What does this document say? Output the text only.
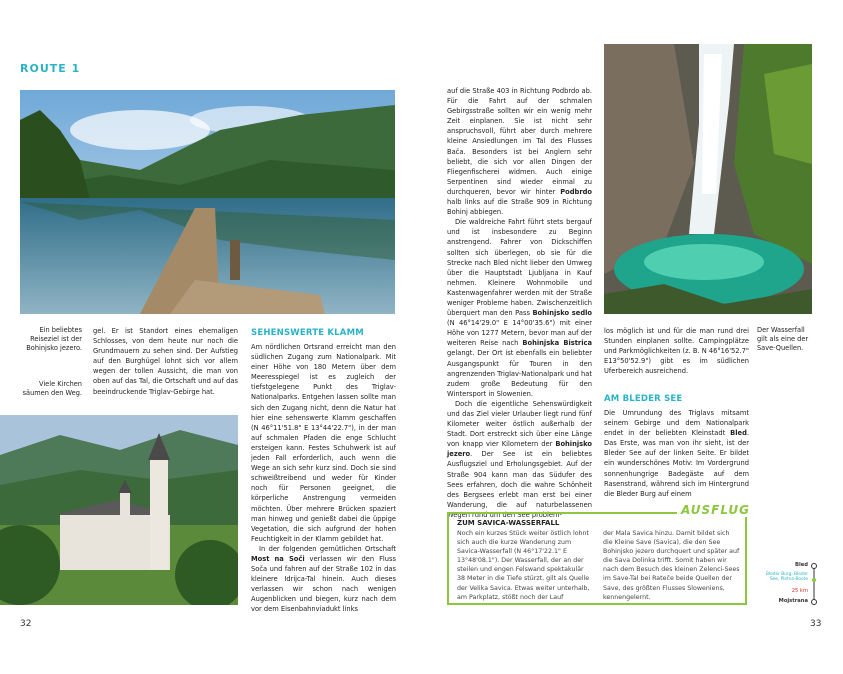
ROUTE 1
Ein beliebtes Reiseziel ist der Bohinjsko jezero.
Viele Kirchen säumen den Weg.
gel. Er ist Standort eines ehemaligen Schlosses, von dem heute nur noch die Grundmauern zu sehen sind. Der Aufstieg auf den Burghügel lohnt sich vor allem wegen der tollen Aussicht, die man von oben auf das Tal, die Ortschaft und auf das beeindruckende Triglav-Gebirge hat.
SEHENSWERTE KLAMM

Am nördlichen Ortsrand erreicht man den südlichen Zugang zum Nationalpark. Mit einer Höhe von 180 Metern über dem Meeresspiegel ist es zugleich der tiefstgelegene Punkt des Triglav-Nationalparks. Entgehen lassen sollte man sich den Zugang nicht, denn die Natur hat hier eine sehenswerte Klamm geschaffen (N 46°11'51.8" E 13°44'22.7"), in der man auf schmalen Pfaden die enge Schlucht ersteigen kann. Festes Schuhwerk ist auf jeden Fall erforderlich, auch wenn die Wege an sich sehr kurz sind. Doch sie sind schweißtreibend und weder für Kinder noch für Personen geeignet, die körperliche Anstrengung vermeiden möchten. Über mehrere Brücken spaziert man hinweg und genießt dabei die üppige Vegetation, die sich aufgrund der hohen Feuchtigkeit in der Klamm gebildet hat.

In der folgenden gemütlichen Ortschaft Most na Soči verlassen wir den Fluss Soča und fahren auf der Straße 102 in das kleinere Idrijca-Tal hinein. Auch dieses verlassen wir schon nach wenigen Augenblicken und biegen, kurz nach dem vor dem Eisenbahnviadukt links

auf die Straße 403 in Richtung Podbrdo ab. Für die Fahrt auf der schmalen Gebirgsstraße sollten wir ein wenig mehr Zeit einplanen. Sie ist nicht sehr anspruchsvoll, führt aber durch mehrere kleine Ansiedlungen im Tal des Flusses Bača. Besonders ist bei Anglern sehr beliebt, die sich vor allen Dingen der Fliegenfischerei widmen. Auch einige Serpentinen sind wieder einmal zu durchqueren, bevor wir hinter Podbrdo halb links auf die Straße 909 in Richtung Bohinj abbiegen.

Die waldreiche Fahrt führt stets bergauf und ist insbesondere zu Beginn anstrengend. Fahrer von Dickschiffen sollten sich überlegen, ob sie für die Strecke nach Bled nicht lieber den Umweg über die Hauptstadt Ljubljana in Kauf nehmen. Kleinere Wohnmobile und Kastenwagenfahrer werden mit der Straße weniger Probleme haben. Zwischenzeitlich überquert man den Pass Bohinjsko sedlo (N 46°14'29.0" E 14°00'35.6") mit einer Höhe von 1277 Metern, bevor man auf der weiteren Reise nach Bohinjska Bistrica gelangt. Der Ort ist ebenfalls ein beliebter Ausgangspunkt für Touren in den angrenzenden Triglav-Nationalpark und hat zudem große Bedeutung für den Wintersport in Slowenien.

Doch die eigentliche Sehenswürdigkeit und das Ziel vieler Urlauber liegt rund fünf Kilometer weiter östlich außerhalb der Stadt. Dort erstreckt sich über eine Länge von knapp vier Kilometern der Bohinjsko jezero. Der See ist ein beliebtes Ausflugsziel und Erholungsgebiet. Auf der Straße 904 kann man das Südufer des Sees erfahren, doch die wahre Schönheit des Bergsees erlebt man erst bei einer Wanderung, die auf naturbelassenen Wegen rund um den See problem-

Der Wasserfall gilt als eine der Save-Quellen.

los möglich ist und für die man rund drei Stunden einplanen sollte. Campingplätze und Parkmöglichkeiten (z. B. N 46°16'52.7" E13°50'52.9") gibt es im südlichen Uferbereich ausreichend.

AM BLEDER SEE

Die Umrundung des Triglavs mitsamt seinem Gebirge und dem Nationalpark endet in der beliebten Kleinstadt Bled. Das Erste, was man von ihr sieht, ist der Bleder See auf der linken Seite. Er bildet ein wunderschönes Motiv: Im Vordergrund sonnenhungrige Badegäste auf dem Rasenstrand, während sich im Hintergrund die Bleder Burg auf einem

AUSFLUG
ZUM SAVICA-WASSERFALL
Noch ein kurzes Stück weiter östlich lohnt sich auch die kurze Wanderung zum Savica-Wasserfall (N 46°17'22.1" E 13°48'08.1"). Der Wasserfall, der an der steilen und engen Felswand spektakulär 38 Meter in die Tiefe stürzt, gilt als Quelle der Velika Savica. Etwas weiter unterhalb, am Parkplatz, stößt noch der Lauf
der Mala Savica hinzu. Damit bildet sich die Kleine Save (Savica), die den See Bohinjsko jezero durchquert und später auf die Sava Dolinka trifft. Somit haben wir nach dem Besuch des kleinen Zelenci-Sees im Save-Tal bei Rateče beide Quellen der Save, des größten Flusses Sloweniens, kennengelernt.
Bled
Bleder Burg, Bleder See, Pletna-Boote
25 km
Mojstrana
32	33
